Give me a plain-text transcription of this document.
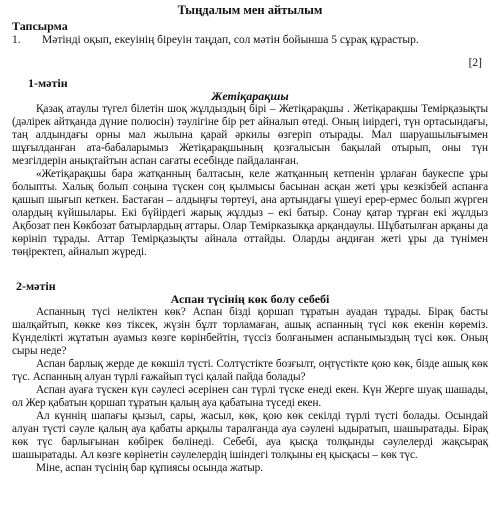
Тыңдалым мен айтылым
Тапсырма
1.	Мәтінді оқып, екеуінің біреуін таңдап, сол мәтін бойынша 5 сұрақ құрастыр.
[2]
1-мәтін
Жетіқарақшы

Қазақ атаулы түгел білетін шоқ жұлдыздың бірі – Жетіқарақшы . Жетіқарақшы Темірқазықты (дәлірек айтқанда дүние полюсін) тәулігіне бір рет айналып өтеді. Оның іиірдегі, түн ортасындағы, таң алдындағы орны мал жылына қарай әркилы өзгеріп отырады. Мал шаруашылығымен шұғылданған ата-бабаларымыз Жетіқарақшының қозғалысын бақылай отырып, оны түн мезгілдерін анықтайтын аспан сағаты есебінде пайдаланған.

«Жетіқарақшы бара жатқанның балтасын, келе жатқанның кетпенін ұрлаған баукеспе ұры болыпты. Халық болып соңына түскен соң қылмысы басынан асқан жеті ұры кезкізбей аспанға қашып шығып кеткен. Бастаған – алдыңғы төртеуі, ана артындағы үшеуі ерер-ермес болып жүрген олардың күйшылары. Екі бүйірдегі жарық жұлдыз – екі батыр. Сонау қатар тұрған екі жұлдыз Ақбозат пен Көкбозат батырлардың аттары. Олар Темірказыкқа арқандаулы. Шұбатылған арқаны да көрініп тұрады. Аттар Темірқазықты айнала оттайды. Оларды аңдиған жеті ұры да түнімен төңіректеп, айналып жүреді.

2-мәтін
Аспан түсінің көк болу себебі

Аспанның түсі неліктен көк? Аспан бізді қоршап тұратын ауадан тұрады. Бірақ басты шалқайтып, көкке көз тіксек, жүзін бұлт торламаған, ашық аспанның түсі көк екенін көреміз. Күнделікті жұтатын ауамыз көзге көрінбейтін, түссіз болғанымен аспанымыздың түсі көк. Оның сыры неде?

Аспан барлық жерде де көкшіл түсті. Солтүстікте бозғылт, оңтүстікте қою көк, бізде ашық көк түс. Аспанның алуан түрлі ғажайып түсі қалай пайда болады?

Аспан ауаға түскен күн сәулесі әсерінен сан түрлі түске енеді екен. Күн Жерге шуақ шашады, ол Жер қабатын қоршап тұратын қалың ауа қабатына түседі екен.

Ал күннің шапағы қызыл, сары, жасыл, көк, қою көк секілді түрлі түсті болады. Осындай алуан түсті сәуле қалың ауа қабаты арқылы таралғанда ауа сәулені ыдыратып, шашыратады. Бірақ көк түс барлығынан көбірек бөлінеді. Себебі, ауа қысқа толқынды сәулелерді жақсырақ шашыратады. Ал көзге көрінетін сәулелердің ішіндегі толқыны ең қысқасы – көк түс.

Міне, аспан түсінің бар құпиясы осында жатыр.
